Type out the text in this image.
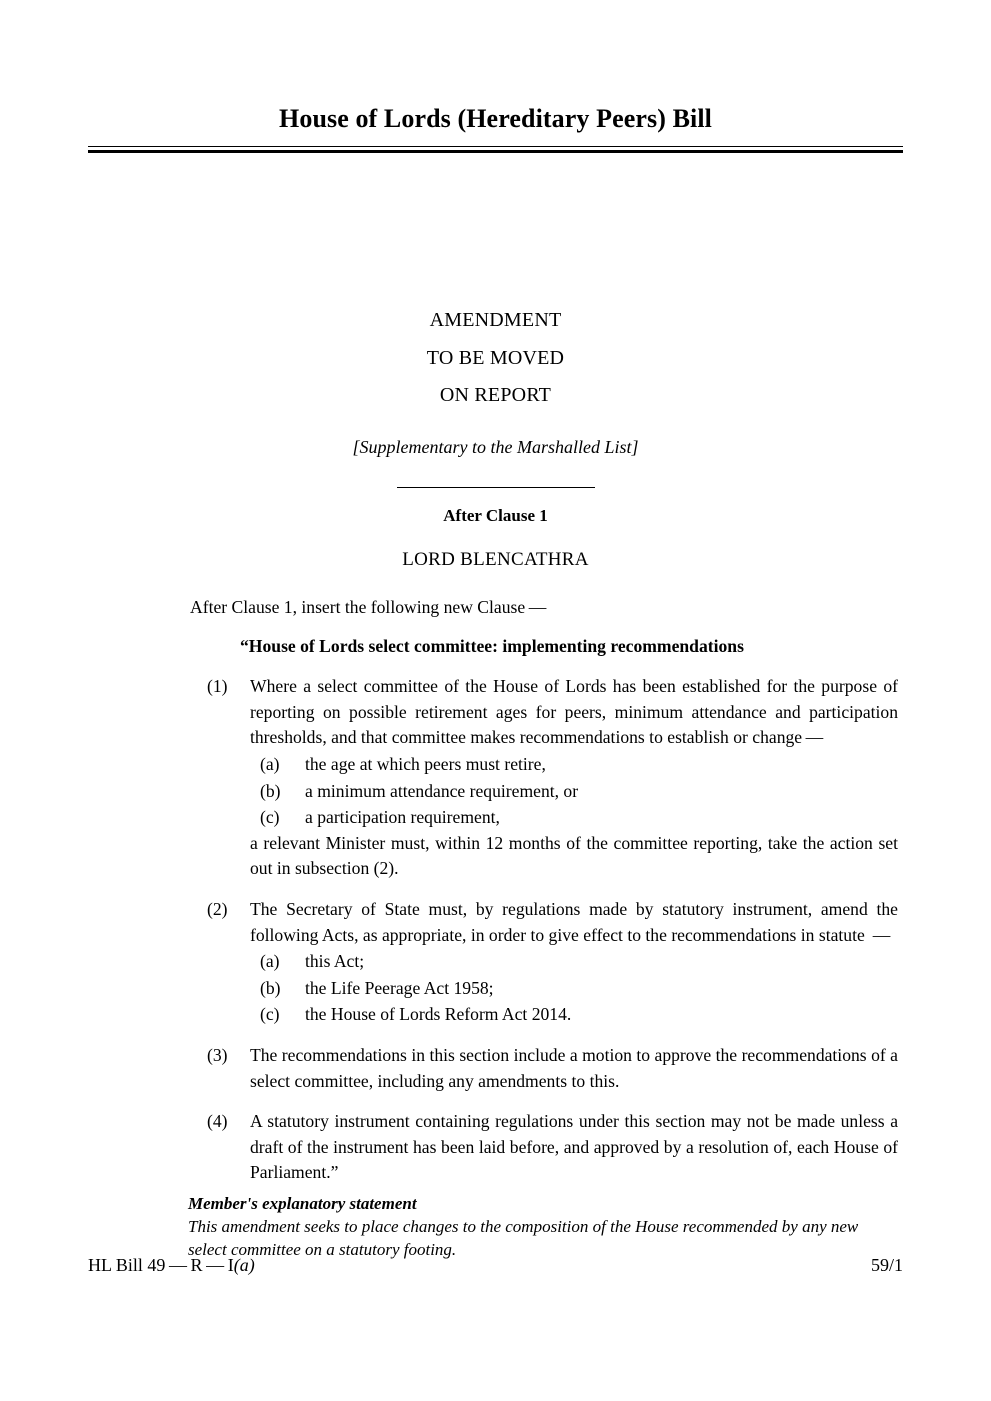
House of Lords (Hereditary Peers) Bill
AMENDMENT
TO BE MOVED
ON REPORT
[Supplementary to the Marshalled List]
After Clause 1
LORD BLENCATHRA

After Clause 1, insert the following new Clause —

“House of Lords select committee: implementing recommendations

(1)	Where a select committee of the House of Lords has been established for the purpose of reporting on possible retirement ages for peers, minimum attendance and participation thresholds, and that committee makes recommendations to establish or change —

(a)	the age at which peers must retire,

(b)	a minimum attendance requirement, or

(c)	a participation requirement,

a relevant Minister must, within 12 months of the committee reporting, take the action set out in subsection (2).

(2)	The Secretary of State must, by regulations made by statutory instrument, amend the following Acts, as appropriate, in order to give effect to the recommendations in statute  —

(a)	this Act;

(b)	the Life Peerage Act 1958;

(c)	the House of Lords Reform Act 2014.

(3)	The recommendations in this section include a motion to approve the recommendations of a select committee, including any amendments to this.

(4)	A statutory instrument containing regulations under this section may not be made unless a draft of the instrument has been laid before, and approved by a resolution of, each House of Parliament.”

Member's explanatory statement

This amendment seeks to place changes to the composition of the House recommended by any new select committee on a statutory footing.

HL Bill 49 — R — I(a)	59/1
